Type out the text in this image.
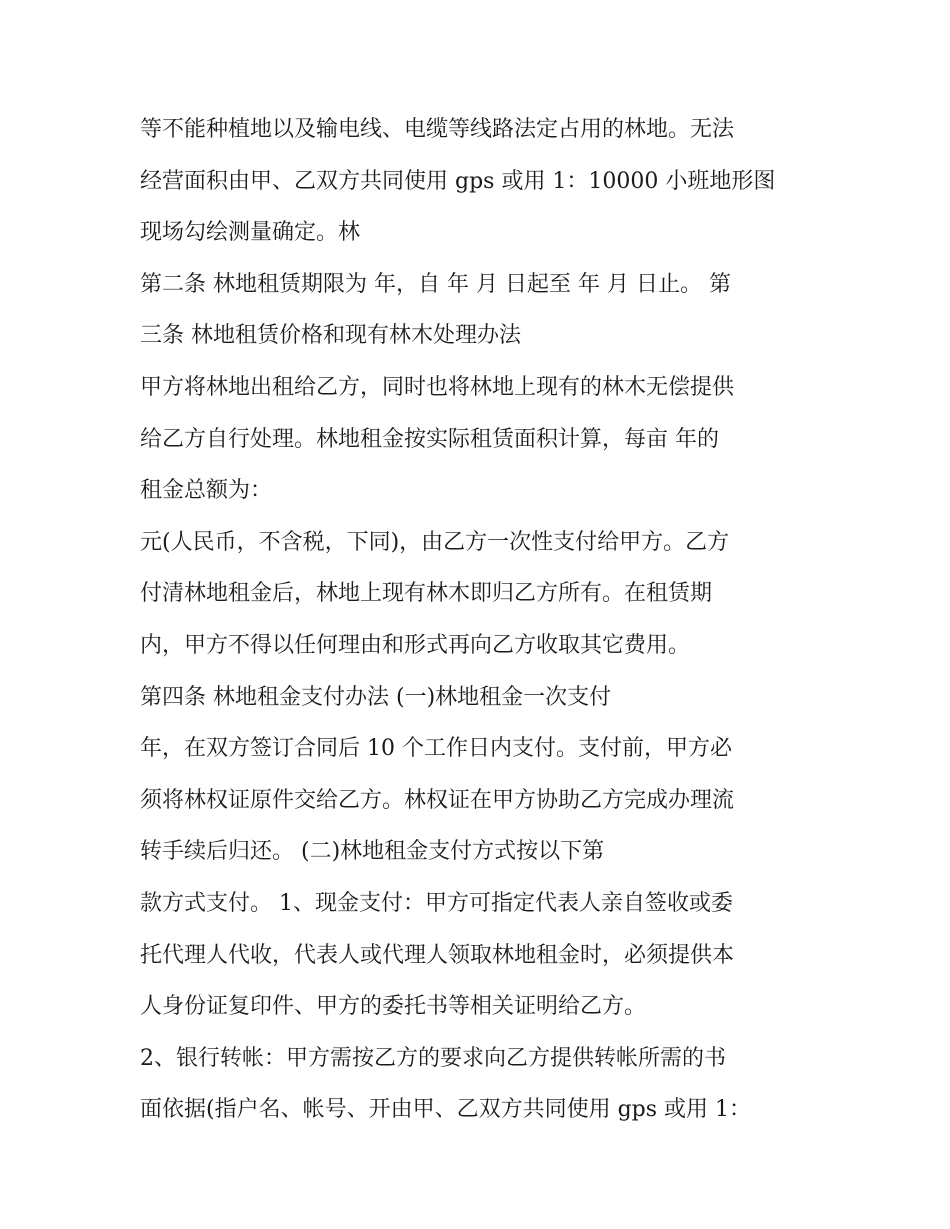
等不能种植地以及输电线、电缆等线路法定占用的林地。无法
经营面积由甲、乙双方共同使用 gps 或用 1：10000 小班地形图
现场勾绘测量确定。林
第二条 林地租赁期限为 年，自 年 月 日起至 年 月 日止。 第
三条 林地租赁价格和现有林木处理办法
甲方将林地出租给乙方，同时也将林地上现有的林木无偿提供
给乙方自行处理。林地租金按实际租赁面积计算，每亩 年的
租金总额为：
元(人民币，不含税，下同)，由乙方一次性支付给甲方。乙方
付清林地租金后，林地上现有林木即归乙方所有。在租赁期
内，甲方不得以任何理由和形式再向乙方收取其它费用。
第四条 林地租金支付办法 (一)林地租金一次支付
年，在双方签订合同后 10 个工作日内支付。支付前，甲方必
须将林权证原件交给乙方。林权证在甲方协助乙方完成办理流
转手续后归还。 (二)林地租金支付方式按以下第
款方式支付。 1、现金支付：甲方可指定代表人亲自签收或委
托代理人代收，代表人或代理人领取林地租金时，必须提供本
人身份证复印件、甲方的委托书等相关证明给乙方。
2、银行转帐：甲方需按乙方的要求向乙方提供转帐所需的书
面依据(指户名、帐号、开由甲、乙双方共同使用 gps 或用 1：
